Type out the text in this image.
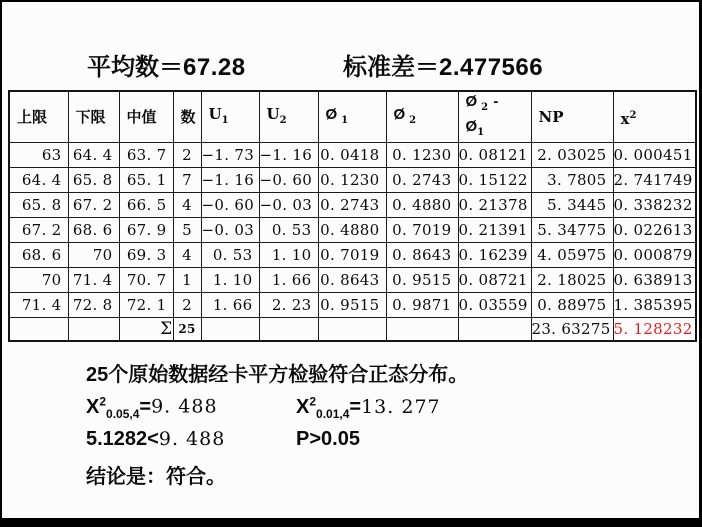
平均数＝67.28	标准差＝2.477566
上限	下限	中值	数	$U_1$	$U_2$	Ø $_1$	Ø $_2$	Ø $_2$ -
$Ø_1$	NP	$x^2$
63	64. 4	63. 7	2	−1. 73	−1. 16	0. 0418	0. 1230	0. 08121	2. 03025	0. 000451
64. 4	65. 8	65. 1	7	−1. 16	−0. 60	0. 1230	0. 2743	0. 15122	3. 7805	2. 741749
65. 8	67. 2	66. 5	4	−0. 60	−0. 03	0. 2743	0. 4880	0. 21378	5. 3445	0. 338232
67. 2	68. 6	67. 9	5	−0. 03	0. 53	0. 4880	0. 7019	0. 21391	5. 34775	0. 022613
68. 6	70	69. 3	4	0. 53	1. 10	0. 7019	0. 8643	0. 16239	4. 05975	0. 000879
70	71. 4	70. 7	1	1. 10	1. 66	0. 8643	0. 9515	0. 08721	2. 18025	0. 638913
71. 4	72. 8	72. 1	2	1. 66	2. 23	0. 9515	0. 9871	0. 03559	0. 88975	1. 385395
		Σ	25						23. 63275	5. 128232
25个原始数据经卡平方检验符合正态分布。
$X^2_{0.05,4}=9$. 488	$X^2_{0.01,4}=13$. 277
5.1282<9. 488	P>0.05
结论是：符合。
